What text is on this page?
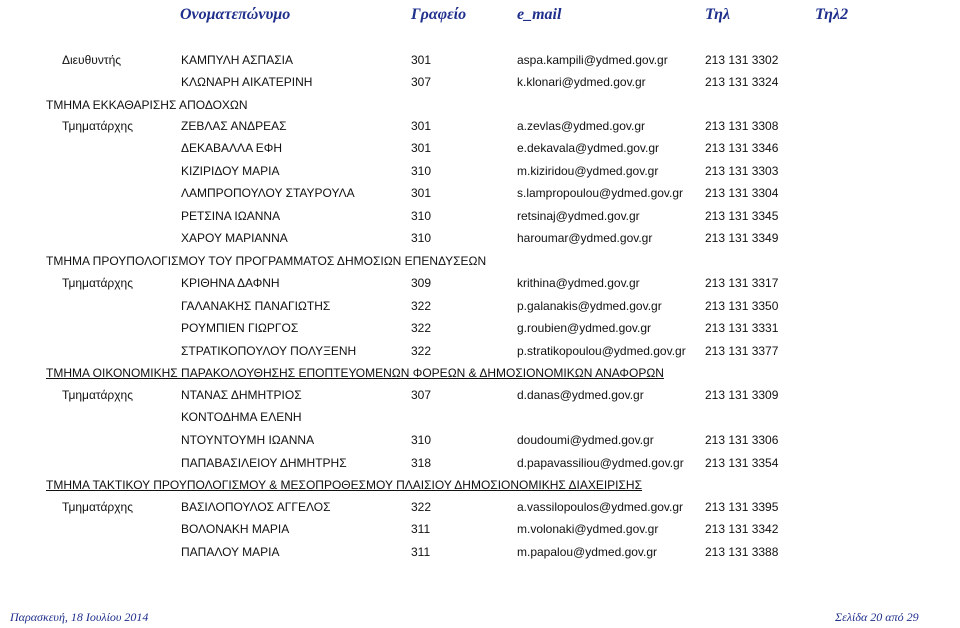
Ονοματεπώνυμο	Γραφείο	e_mail	Τηλ	Τηλ2
Διευθυντής	ΚΑΜΠΥΛΗ ΑΣΠΑΣΙΑ	301	aspa.kampili@ydmed.gov.gr	213 131 3302
ΚΛΩΝΑΡΗ ΑΙΚΑΤΕΡΙΝΗ	307	k.klonari@ydmed.gov.gr	213 131 3324
ΤΜΗΜΑ ΕΚΚΑΘΑΡΙΣΗΣ ΑΠΟΔΟΧΩΝ
Τμηματάρχης	ΖΕΒΛΑΣ ΑΝΔΡΕΑΣ	301	a.zevlas@ydmed.gov.gr	213 131 3308
ΔΕΚΑΒΑΛΛΑ ΕΦΗ	301	e.dekavala@ydmed.gov.gr	213 131 3346
ΚΙΖΙΡΙΔΟΥ ΜΑΡΙΑ	310	m.kiziridou@ydmed.gov.gr	213 131 3303
ΛΑΜΠΡΟΠΟΥΛΟΥ ΣΤΑΥΡΟΥΛΑ	301	s.lampropoulou@ydmed.gov.gr 213 131 3304
ΡΕΤΣΙΝΑ ΙΩΑΝΝΑ	310	retsinaj@ydmed.gov.gr	213 131 3345
ΧΑΡΟΥ ΜΑΡΙΑΝΝΑ	310	haroumar@ydmed.gov.gr	213 131 3349
ΤΜΗΜΑ ΠΡΟΥΠΟΛΟΓΙΣΜΟΥ ΤΟΥ ΠΡΟΓΡΑΜΜΑΤΟΣ ΔΗΜΟΣΙΩΝ ΕΠΕΝΔΥΣΕΩΝ
Τμηματάρχης	ΚΡΙΘΗΝΑ ΔΑΦΝΗ	309	krithina@ydmed.gov.gr	213 131 3317
ΓΑΛΑΝΑΚΗΣ ΠΑΝΑΓΙΩΤΗΣ	322	p.galanakis@ydmed.gov.gr	213 131 3350
ΡΟΥΜΠΙΕΝ ΓΙΩΡΓΟΣ	322	g.roubien@ydmed.gov.gr	213 131 3331
ΣΤΡΑΤΙΚΟΠΟΥΛΟΥ ΠΟΛΥΞΕΝΗ	322	p.stratikopoulou@ydmed.gov.gr 213 131 3377
ΤΜΗΜΑ ΟΙΚΟΝΟΜΙΚΗΣ ΠΑΡΑΚΟΛΟΥΘΗΣΗΣ ΕΠΟΠΤΕΥΟΜΕΝΩΝ ΦΟΡΕΩΝ & ΔΗΜΟΣΙΟΝΟΜΙΚΩΝ ΑΝΑΦΟΡΩΝ
Τμηματάρχης	ΝΤΑΝΑΣ ΔΗΜΗΤΡΙΟΣ	307	d.danas@ydmed.gov.gr	213 131 3309
ΚΟΝΤΟΔΗΜΑ ΕΛΕΝΗ
ΝΤΟΥΝΤΟΥΜΗ ΙΩΑΝΝΑ	310	doudoumi@ydmed.gov.gr	213 131 3306
ΠΑΠΑΒΑΣΙΛΕΙΟΥ ΔΗΜΗΤΡΗΣ	318	d.papavassiliou@ydmed.gov.gr 213 131 3354
ΤΜΗΜΑ ΤΑΚΤΙΚΟΥ ΠΡΟΥΠΟΛΟΓΙΣΜΟΥ & ΜΕΣΟΠΡΟΘΕΣΜΟΥ ΠΛΑΙΣΙΟΥ ΔΗΜΟΣΙΟΝΟΜΙΚΗΣ ΔΙΑΧΕΙΡΙΣΗΣ
Τμηματάρχης	ΒΑΣΙΛΟΠΟΥΛΟΣ ΑΓΓΕΛΟΣ	322	a.vassilopoulos@ydmed.gov.gr 213 131 3395
ΒΟΛΟΝΑΚΗ ΜΑΡΙΑ	311	m.volonaki@ydmed.gov.gr	213 131 3342
ΠΑΠΑΛΟΥ ΜΑΡΙΑ	311	m.papalou@ydmed.gov.gr	213 131 3388
Παρασκευή, 18 Ιουλίου 2014	Σελίδα 20 από 29
